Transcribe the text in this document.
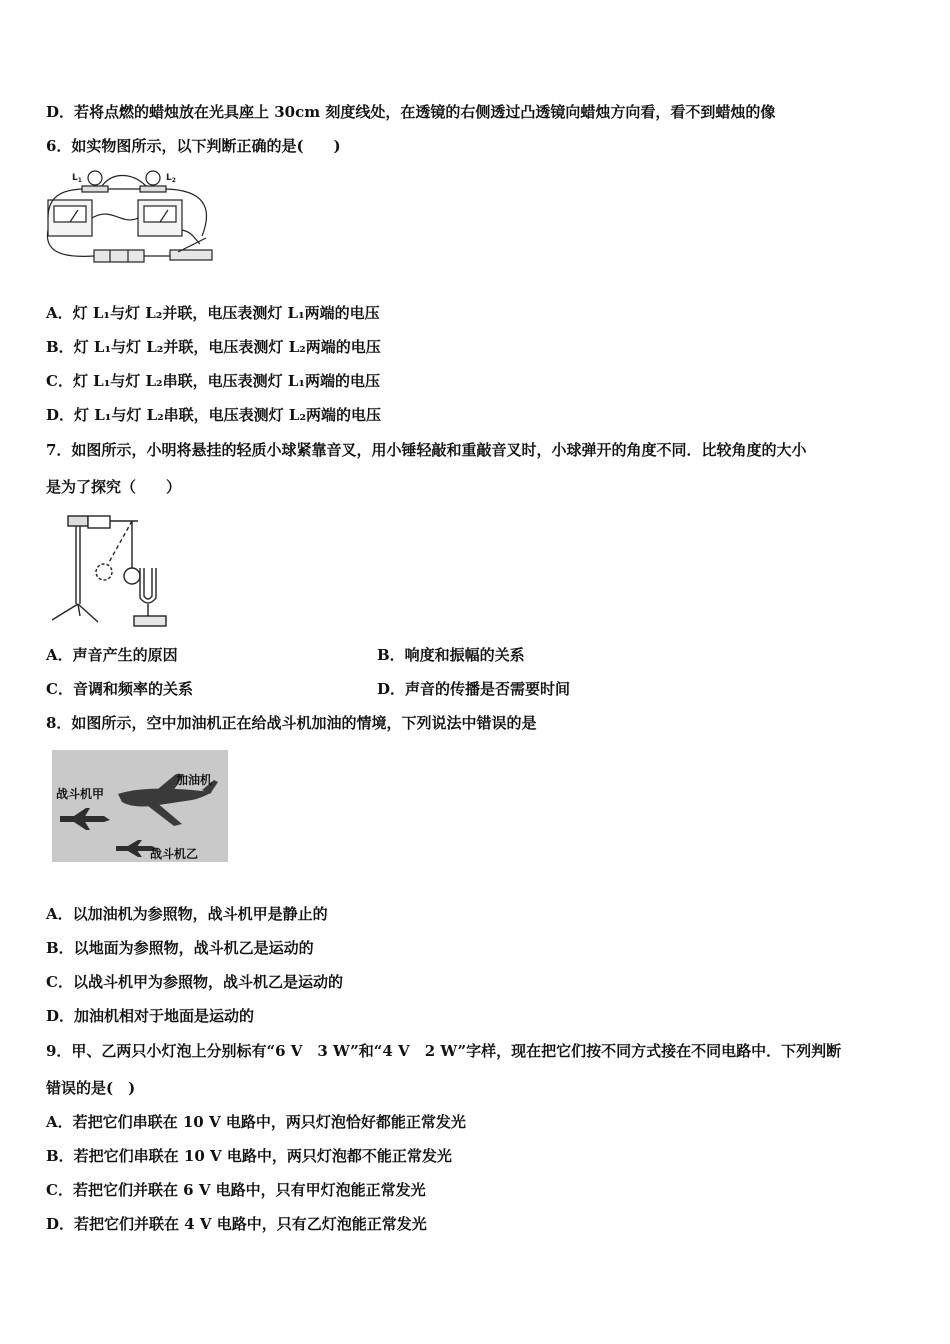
D．若将点燃的蜡烛放在光具座上 30cm 刻度线处，在透镜的右侧透过凸透镜向蜡烛方向看，看不到蜡烛的像
6．如实物图所示，以下判断正确的是(　　)
$L_1$	$L_2$
A．灯 L₁与灯 L₂并联，电压表测灯 L₁两端的电压
B．灯 L₁与灯 L₂并联，电压表测灯 L₂两端的电压
C．灯 L₁与灯 L₂串联，电压表测灯 L₁两端的电压
D．灯 L₁与灯 L₂串联，电压表测灯 L₂两端的电压
7．如图所示，小明将悬挂的轻质小球紧靠音叉，用小锤轻敲和重敲音叉时，小球弹开的角度不同．比较角度的大小
是为了探究（　　）
A．声音产生的原因	B．响度和振幅的关系
C．音调和频率的关系	D．声音的传播是否需要时间
8．如图所示，空中加油机正在给战斗机加油的情境，下列说法中错误的是
加油机
战斗机甲
战斗机乙
A．以加油机为参照物，战斗机甲是静止的
B．以地面为参照物，战斗机乙是运动的
C．以战斗机甲为参照物，战斗机乙是运动的
D．加油机相对于地面是运动的
9．甲、乙两只小灯泡上分别标有“6 V　3 W”和“4 V　2 W”字样，现在把它们按不同方式接在不同电路中．下列判断
错误的是(　)
A．若把它们串联在 10 V 电路中，两只灯泡恰好都能正常发光
B．若把它们串联在 10 V 电路中，两只灯泡都不能正常发光
C．若把它们并联在 6 V 电路中，只有甲灯泡能正常发光
D．若把它们并联在 4 V 电路中，只有乙灯泡能正常发光
